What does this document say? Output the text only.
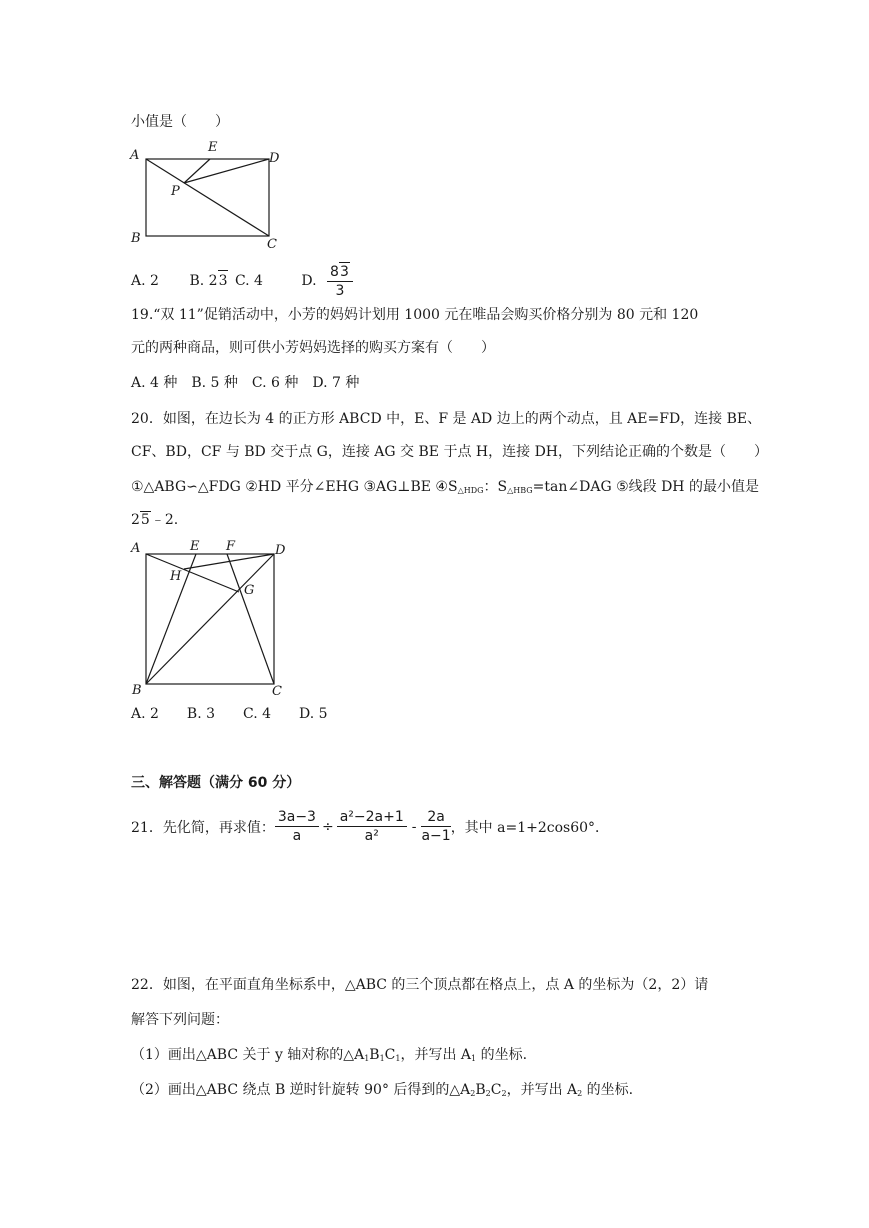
小值是（　　）
A
E
D
P
B	C
A. 2 B. 23 C. 4	D. $\frac{83}{3}$
19.“双 11”促销活动中，小芳的妈妈计划用 1000 元在唯品会购买价格分别为 80 元和 120
元的两种商品，则可供小芳妈妈选择的购买方案有（　　）
A. 4 种　B. 5 种　C. 6 种　D. 7 种
20．如图，在边长为 4 的正方形 ABCD 中，E、F 是 AD 边上的两个动点，且 AE=FD，连接 BE、
CF、BD，CF 与 BD 交于点 G，连接 AG 交 BE 于点 H，连接 DH，下列结论正确的个数是（　　）
①△ABG∽△FDG ②HD 平分∠EHG ③AG⊥BE $④S_{\triangle HDG}$：$S_{\triangle HBG}=\tan\angle DAG$ ⑤线段 DH 的最小值是
25﹣2.
A	E F	D
H
G
B	C
A. 2　　B. 3　　C. 4　　D. 5
三、解答题（满分 60 分）
21．先化简，再求值： $\frac{3a-3}{a} \div \frac{\text{a²−2a+1}}{\text{a²}} - \frac{2a}{a-1}$ ，其中 a=1+2cos60°．
22．如图，在平面直角坐标系中，△ABC 的三个顶点都在格点上，点 A 的坐标为（2，2）请
解答下列问题：
（1）画出△ABC 关于 y 轴对称的$\triangle A_1B_1C_1$，并写出 $A_1$ 的坐标.
（2）画出△ABC 绕点 B 逆时针旋转 90° 后得到的$\triangle A_2B_2C_2$，并写出 $A_2$ 的坐标.
